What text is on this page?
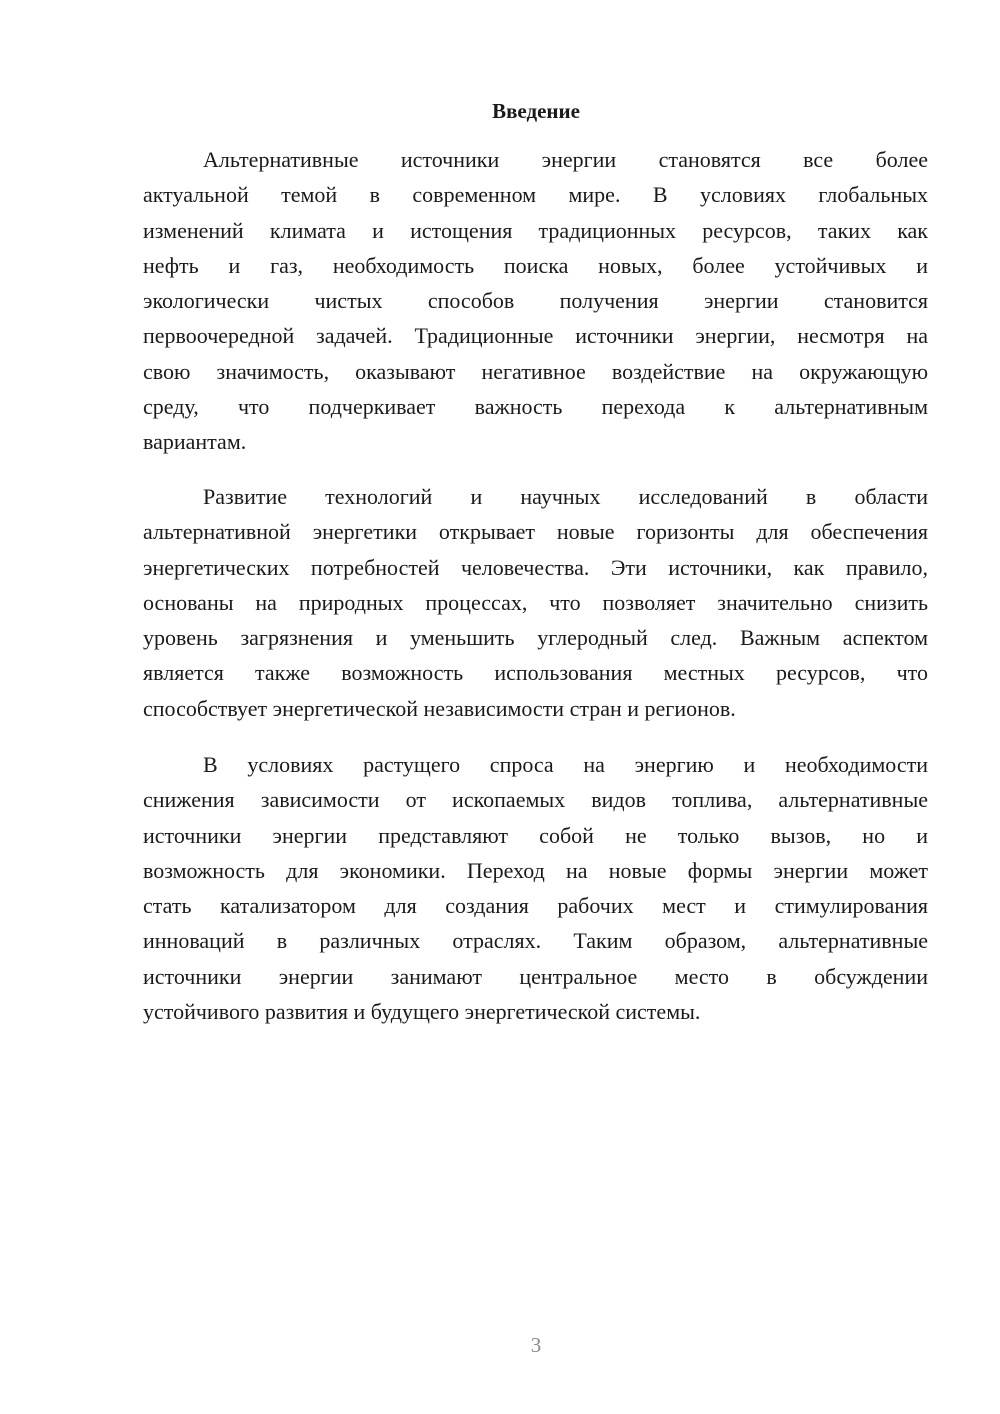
Введение
Альтернативные источники энергии становятся все более
актуальной темой в современном мире. В условиях глобальных
изменений климата и истощения традиционных ресурсов, таких как
нефть и газ, необходимость поиска новых, более устойчивых и
экологически чистых способов получения энергии становится
первоочередной задачей. Традиционные источники энергии, несмотря на
свою значимость, оказывают негативное воздействие на окружающую
среду, что подчеркивает важность перехода к альтернативным
вариантам.
Развитие технологий и научных исследований в области
альтернативной энергетики открывает новые горизонты для обеспечения
энергетических потребностей человечества. Эти источники, как правило,
основаны на природных процессах, что позволяет значительно снизить
уровень загрязнения и уменьшить углеродный след. Важным аспектом
является также возможность использования местных ресурсов, что
способствует энергетической независимости стран и регионов.
В условиях растущего спроса на энергию и необходимости
снижения зависимости от ископаемых видов топлива, альтернативные
источники энергии представляют собой не только вызов, но и
возможность для экономики. Переход на новые формы энергии может
стать катализатором для создания рабочих мест и стимулирования
инноваций в различных отраслях. Таким образом, альтернативные
источники энергии занимают центральное место в обсуждении
устойчивого развития и будущего энергетической системы.
3
